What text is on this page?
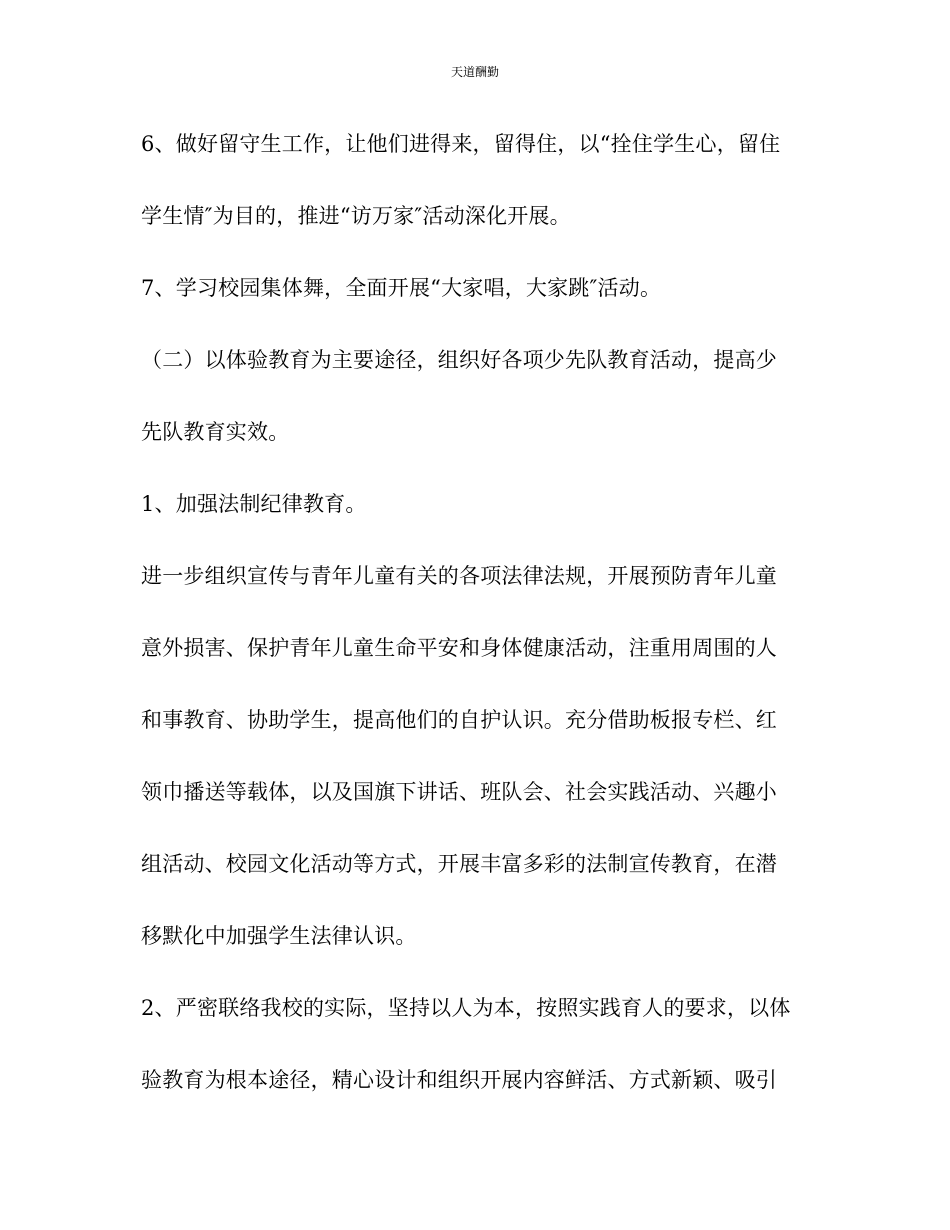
天道酬勤
6、做好留守生工作，让他们进得来，留得住，以“拴住学生心，留住
学生情″为目的，推进“访万家″活动深化开展。
7、学习校园集体舞，全面开展“大家唱，大家跳″活动。
（二）以体验教育为主要途径，组织好各项少先队教育活动，提高少
先队教育实效。
1、加强法制纪律教育。
进一步组织宣传与青年儿童有关的各项法律法规，开展预防青年儿童
意外损害、保护青年儿童生命平安和身体健康活动，注重用周围的人
和事教育、协助学生，提高他们的自护认识。充分借助板报专栏、红
领巾播送等载体，以及国旗下讲话、班队会、社会实践活动、兴趣小
组活动、校园文化活动等方式，开展丰富多彩的法制宣传教育，在潜
移默化中加强学生法律认识。
2、严密联络我校的实际，坚持以人为本，按照实践育人的要求，以体
验教育为根本途径，精心设计和组织开展内容鲜活、方式新颖、吸引
